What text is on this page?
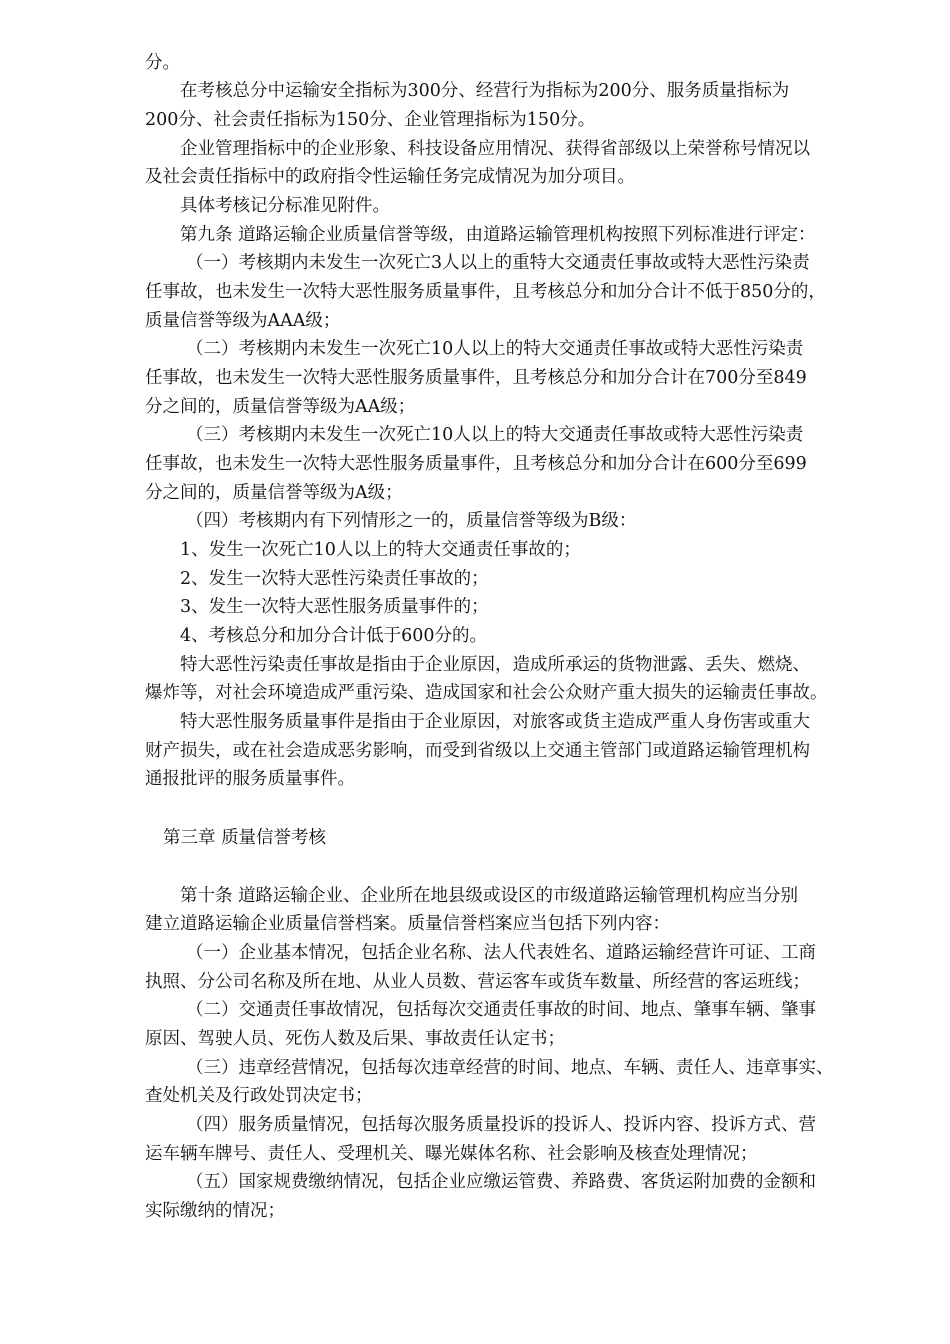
分。
在考核总分中运输安全指标为300分、经营行为指标为200分、服务质量指标为
200分、社会责任指标为150分、企业管理指标为150分。
企业管理指标中的企业形象、科技设备应用情况、获得省部级以上荣誉称号情况以
及社会责任指标中的政府指令性运输任务完成情况为加分项目。
具体考核记分标准见附件。
第九条 道路运输企业质量信誉等级，由道路运输管理机构按照下列标准进行评定：
（一）考核期内未发生一次死亡3人以上的重特大交通责任事故或特大恶性污染责
任事故，也未发生一次特大恶性服务质量事件，且考核总分和加分合计不低于850分的，
质量信誉等级为AAA级；
（二）考核期内未发生一次死亡10人以上的特大交通责任事故或特大恶性污染责
任事故，也未发生一次特大恶性服务质量事件，且考核总分和加分合计在700分至849
分之间的，质量信誉等级为AA级；
（三）考核期内未发生一次死亡10人以上的特大交通责任事故或特大恶性污染责
任事故，也未发生一次特大恶性服务质量事件，且考核总分和加分合计在600分至699
分之间的，质量信誉等级为A级；
（四）考核期内有下列情形之一的，质量信誉等级为B级：
1、发生一次死亡10人以上的特大交通责任事故的；
2、发生一次特大恶性污染责任事故的；
3、发生一次特大恶性服务质量事件的；
4、考核总分和加分合计低于600分的。
特大恶性污染责任事故是指由于企业原因，造成所承运的货物泄露、丢失、燃烧、
爆炸等，对社会环境造成严重污染、造成国家和社会公众财产重大损失的运输责任事故。
特大恶性服务质量事件是指由于企业原因，对旅客或货主造成严重人身伤害或重大
财产损失，或在社会造成恶劣影响，而受到省级以上交通主管部门或道路运输管理机构
通报批评的服务质量事件。
第三章 质量信誉考核
第十条 道路运输企业、企业所在地县级或设区的市级道路运输管理机构应当分别
建立道路运输企业质量信誉档案。质量信誉档案应当包括下列内容：
（一）企业基本情况，包括企业名称、法人代表姓名、道路运输经营许可证、工商
执照、分公司名称及所在地、从业人员数、营运客车或货车数量、所经营的客运班线；
（二）交通责任事故情况，包括每次交通责任事故的时间、地点、肇事车辆、肇事
原因、驾驶人员、死伤人数及后果、事故责任认定书；
（三）违章经营情况，包括每次违章经营的时间、地点、车辆、责任人、违章事实、
查处机关及行政处罚决定书；
（四）服务质量情况，包括每次服务质量投诉的投诉人、投诉内容、投诉方式、营
运车辆车牌号、责任人、受理机关、曝光媒体名称、社会影响及核查处理情况；
（五）国家规费缴纳情况，包括企业应缴运管费、养路费、客货运附加费的金额和
实际缴纳的情况；
